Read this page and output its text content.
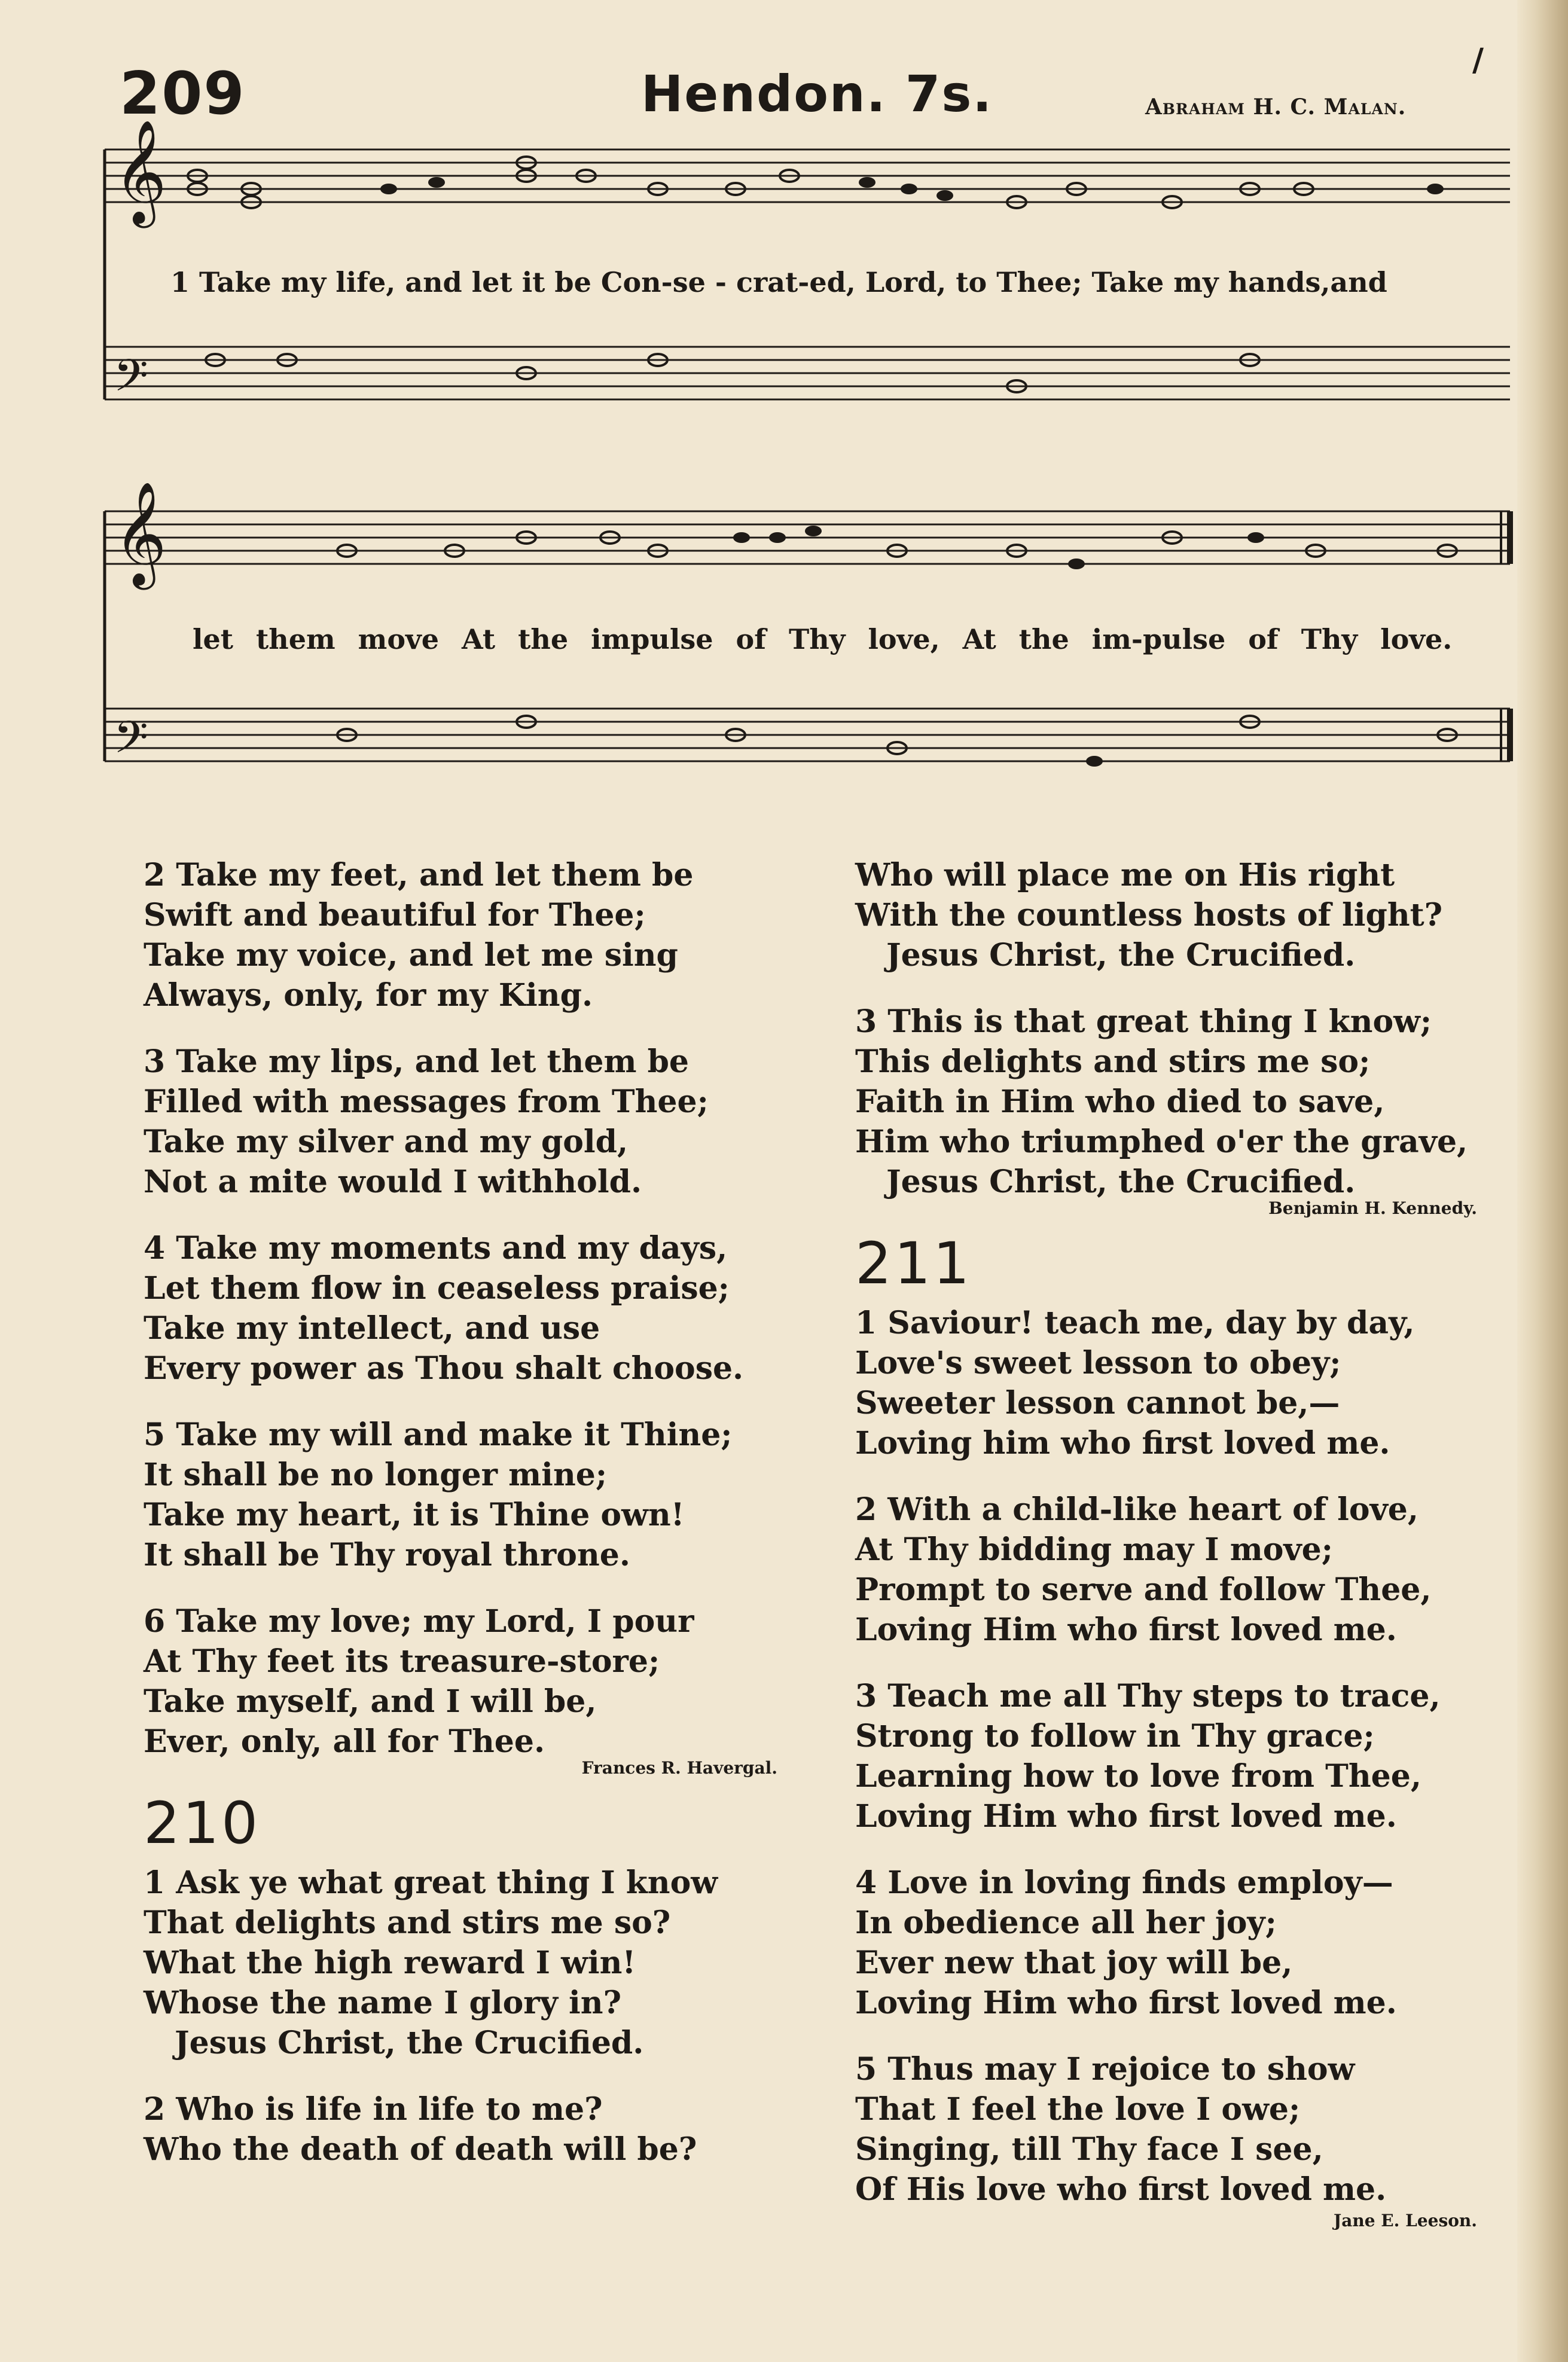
209	Hendon. 7s.	Abraham H. C. Malan.
/
𝄞
𝄢
𝄞
𝄢
1 Take my life, and let it be Con-se - crat-ed, Lord, to Thee; Take my hands,and
let them move At the impulse of Thy love, At the im-pulse of Thy love.
2 Take my feet, and let them be
Swift and beautiful for Thee;
Take my voice, and let me sing
Always, only, for my King.
3 Take my lips, and let them be
Filled with messages from Thee;
Take my silver and my gold,
Not a mite would I withhold.
4 Take my moments and my days,
Let them flow in ceaseless praise;
Take my intellect, and use
Every power as Thou shalt choose.
5 Take my will and make it Thine;
It shall be no longer mine;
Take my heart, it is Thine own!
It shall be Thy royal throne.
6 Take my love; my Lord, I pour
At Thy feet its treasure-store;
Take myself, and I will be,
Ever, only, all for Thee.
Frances R. Havergal.
210
1 Ask ye what great thing I know
That delights and stirs me so?
What the high reward I win!
Whose the name I glory in?
Jesus Christ, the Crucified.
2 Who is life in life to me?
Who the death of death will be?
Who will place me on His right
With the countless hosts of light?
Jesus Christ, the Crucified.
3 This is that great thing I know;
This delights and stirs me so;
Faith in Him who died to save,
Him who triumphed o'er the grave,
Jesus Christ, the Crucified.
Benjamin H. Kennedy.
211
1 Saviour! teach me, day by day,
Love's sweet lesson to obey;
Sweeter lesson cannot be,—
Loving him who first loved me.
2 With a child-like heart of love,
At Thy bidding may I move;
Prompt to serve and follow Thee,
Loving Him who first loved me.
3 Teach me all Thy steps to trace,
Strong to follow in Thy grace;
Learning how to love from Thee,
Loving Him who first loved me.
4 Love in loving finds employ—
In obedience all her joy;
Ever new that joy will be,
Loving Him who first loved me.
5 Thus may I rejoice to show
That I feel the love I owe;
Singing, till Thy face I see,
Of His love who first loved me.
Jane E. Leeson.
